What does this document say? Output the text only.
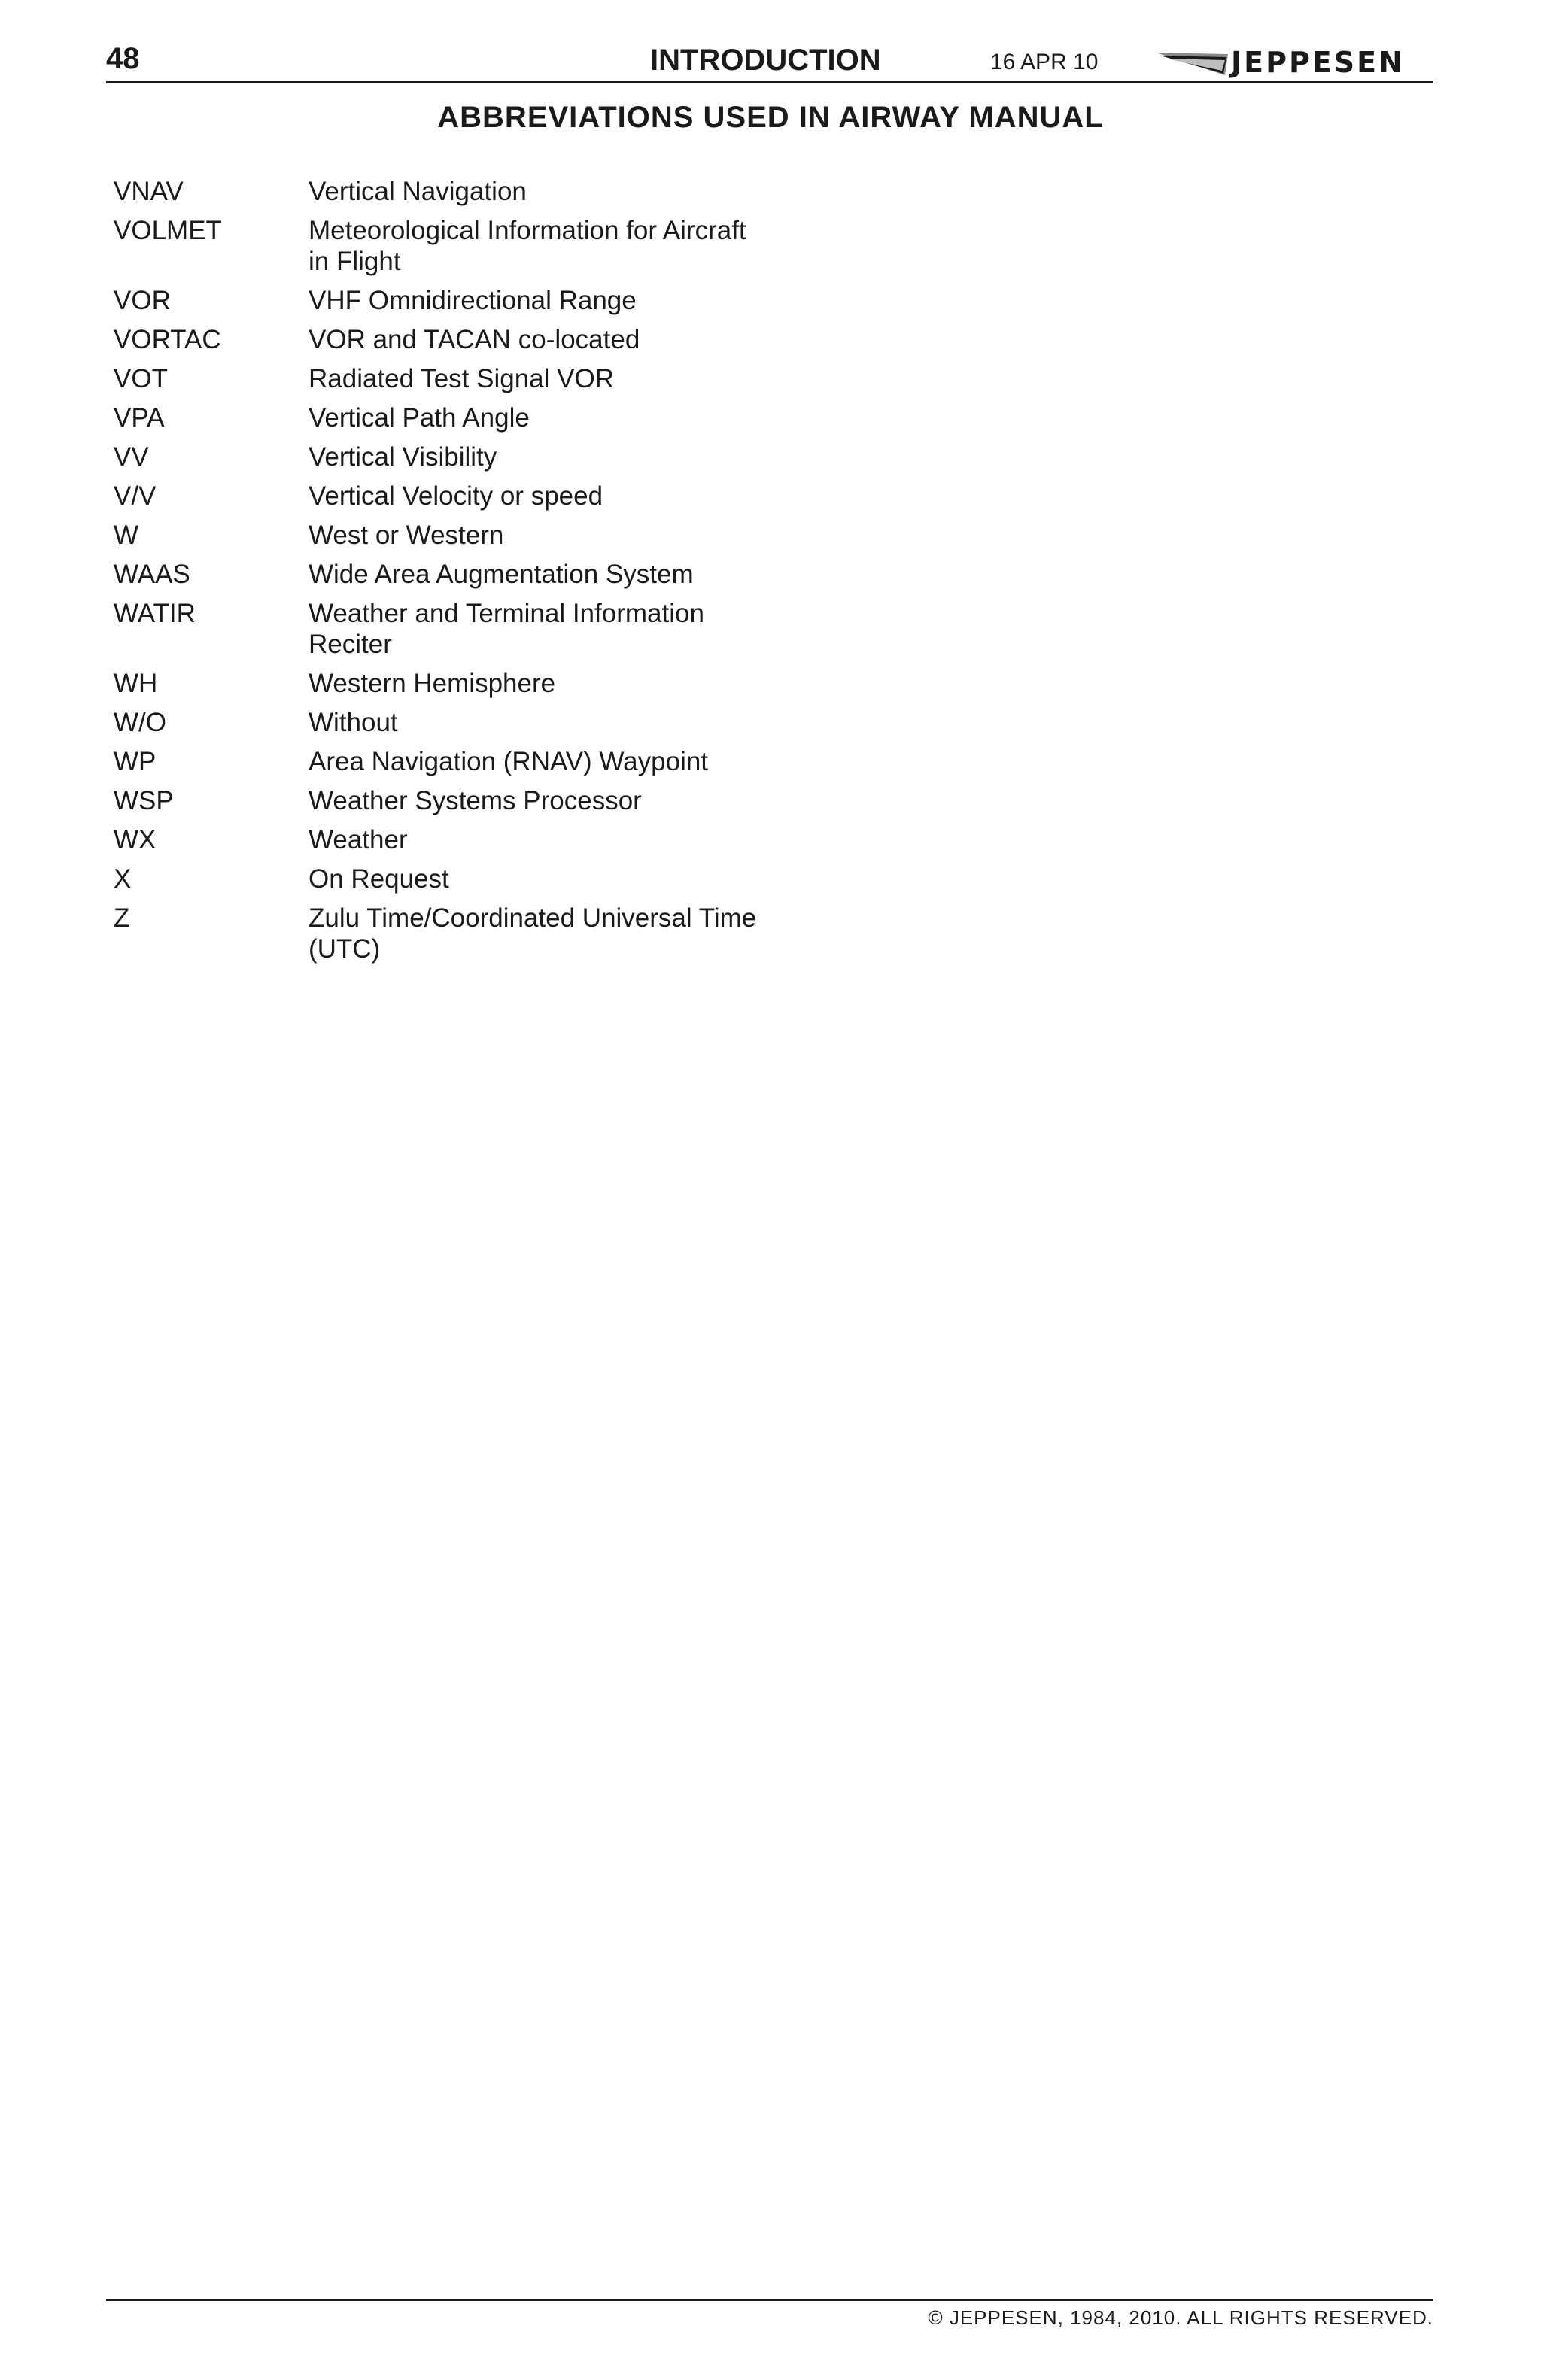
48	INTRODUCTION	16 APR 10	JEPPESEN
ABBREVIATIONS USED IN AIRWAY MANUAL
VNAV	Vertical Navigation
VOLMET	Meteorological Information for Aircraft in Flight
VOR	VHF Omnidirectional Range
VORTAC	VOR and TACAN co-located
VOT	Radiated Test Signal VOR
VPA	Vertical Path Angle
VV	Vertical Visibility
V/V	Vertical Velocity or speed
W	West or Western
WAAS	Wide Area Augmentation System
WATIR	Weather and Terminal Information Reciter
WH	Western Hemisphere
W/O	Without
WP	Area Navigation (RNAV) Waypoint
WSP	Weather Systems Processor
WX	Weather
X	On Request
Z	Zulu Time/Coordinated Universal Time (UTC)
© JEPPESEN, 1984, 2010. ALL RIGHTS RESERVED.
